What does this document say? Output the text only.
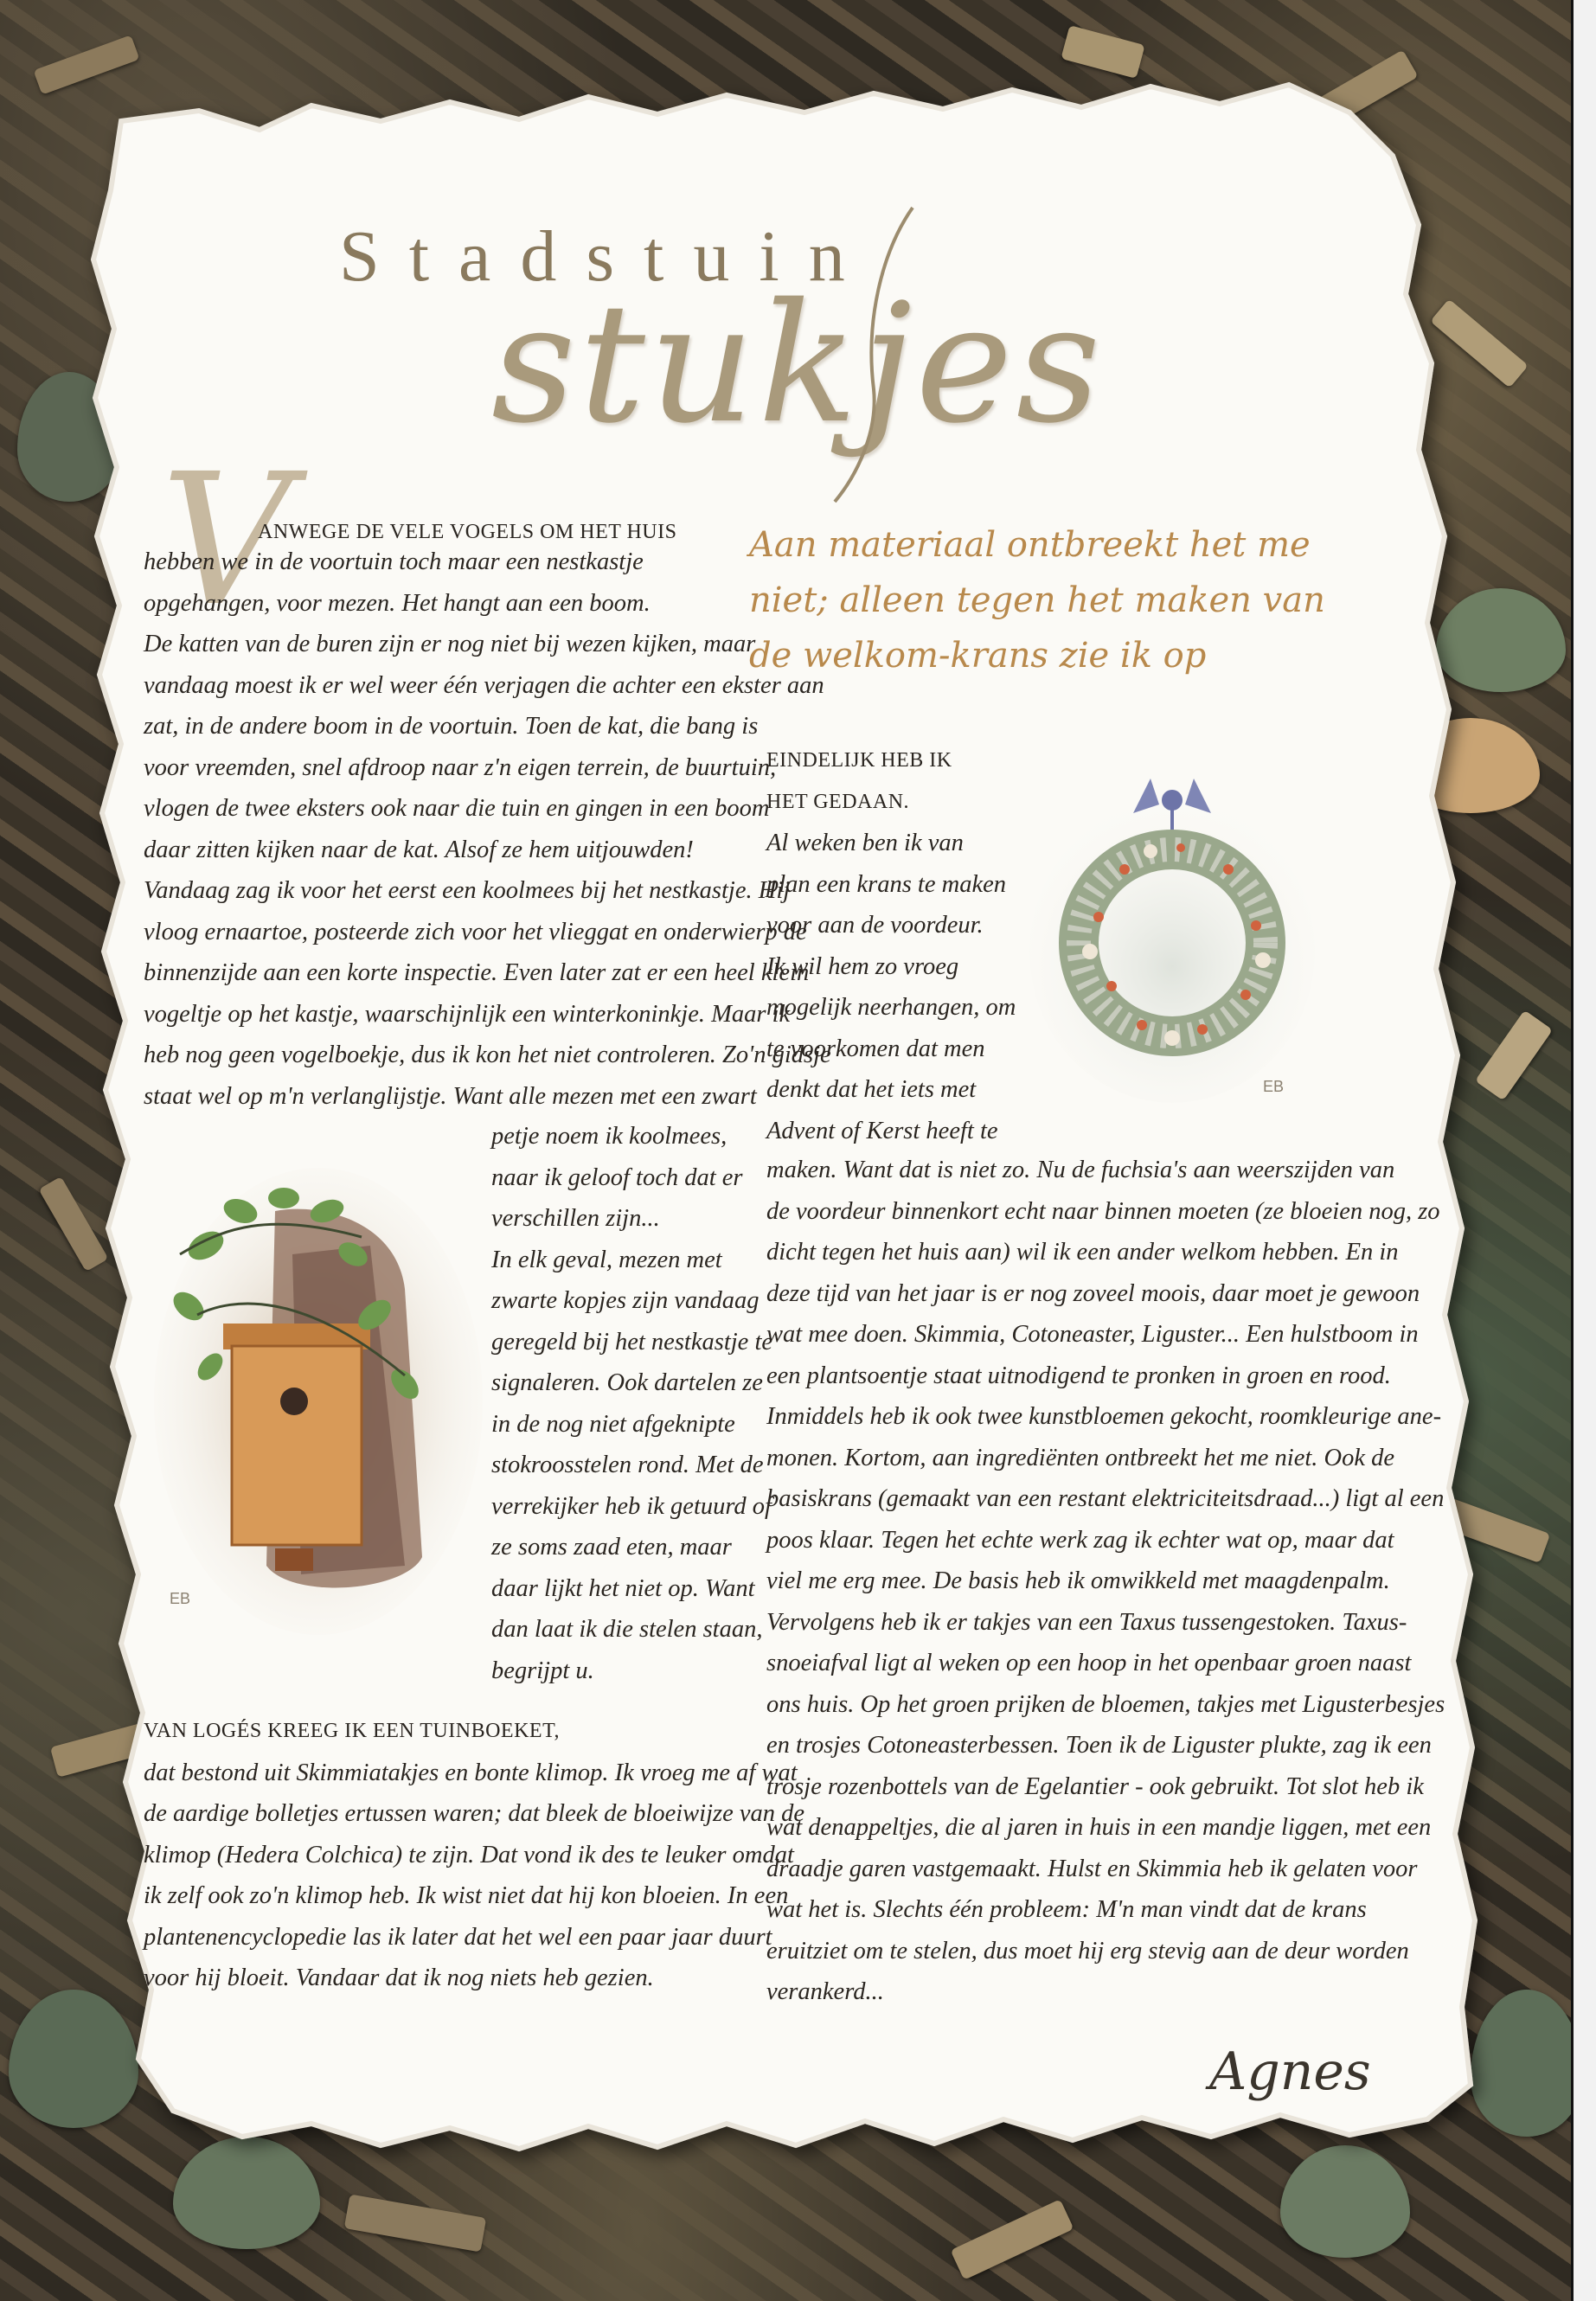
Stadstuin
stukjes
V
ANWEGE DE VELE VOGELS OM HET HUIS
hebben we in de voortuin toch maar een nestkastje
opgehangen, voor mezen. Het hangt aan een boom.
De katten van de buren zijn er nog niet bij wezen kijken, maar
vandaag moest ik er wel weer één verjagen die achter een ekster aan
zat, in de andere boom in de voortuin. Toen de kat, die bang is
voor vreemden, snel afdroop naar z'n eigen terrein, de buurtuin,
vlogen de twee eksters ook naar die tuin en gingen in een boom
daar zitten kijken naar de kat. Alsof ze hem uitjouwden!
Vandaag zag ik voor het eerst een koolmees bij het nestkastje. Hij
vloog ernaartoe, posteerde zich voor het vlieggat en onderwierp de
binnenzijde aan een korte inspectie. Even later zat er een heel klein
vogeltje op het kastje, waarschijnlijk een winterkoninkje. Maar ik
heb nog geen vogelboekje, dus ik kon het niet controleren. Zo'n gidsje
staat wel op m'n verlanglijstje. Want alle mezen met een zwart
petje noem ik koolmees,
naar ik geloof toch dat er
verschillen zijn...
In elk geval, mezen met
zwarte kopjes zijn vandaag
geregeld bij het nestkastje te
signaleren. Ook dartelen ze
in de nog niet afgeknipte
stokroosstelen rond. Met de
verrekijker heb ik getuurd of
ze soms zaad eten, maar
daar lijkt het niet op. Want
dan laat ik die stelen staan,
begrijpt u.
EB
VAN LOGÉS KREEG IK EEN TUINBOEKET,
dat bestond uit Skimmiatakjes en bonte klimop. Ik vroeg me af wat
de aardige bolletjes ertussen waren; dat bleek de bloeiwijze van de
klimop (Hedera Colchica) te zijn. Dat vond ik des te leuker omdat
ik zelf ook zo'n klimop heb. Ik wist niet dat hij kon bloeien. In een
plantenencyclopedie las ik later dat het wel een paar jaar duurt
voor hij bloeit. Vandaar dat ik nog niets heb gezien.
Aan materiaal ontbreekt het me
niet; alleen tegen het maken van
de welkom-krans zie ik op
EINDELIJK HEB IK
HET GEDAAN.
Al weken ben ik van
plan een krans te maken
voor aan de voordeur.
Ik wil hem zo vroeg
mogelijk neerhangen, om
te voorkomen dat men
denkt dat het iets met
Advent of Kerst heeft te
maken. Want dat is niet zo. Nu de fuchsia's aan weerszijden van
de voordeur binnenkort echt naar binnen moeten (ze bloeien nog, zo
dicht tegen het huis aan) wil ik een ander welkom hebben. En in
deze tijd van het jaar is er nog zoveel moois, daar moet je gewoon
wat mee doen. Skimmia, Cotoneaster, Liguster... Een hulstboom in
een plantsoentje staat uitnodigend te pronken in groen en rood.
Inmiddels heb ik ook twee kunstbloemen gekocht, roomkleurige ane-
monen. Kortom, aan ingrediënten ontbreekt het me niet. Ook de
basiskrans (gemaakt van een restant elektriciteitsdraad...) ligt al een
poos klaar. Tegen het echte werk zag ik echter wat op, maar dat
viel me erg mee. De basis heb ik omwikkeld met maagdenpalm.
Vervolgens heb ik er takjes van een Taxus tussengestoken. Taxus-
snoeiafval ligt al weken op een hoop in het openbaar groen naast
ons huis. Op het groen prijken de bloemen, takjes met Ligusterbesjes
en trosjes Cotoneasterbessen. Toen ik de Liguster plukte, zag ik een
trosje rozenbottels van de Egelantier - ook gebruikt. Tot slot heb ik
wat denappeltjes, die al jaren in huis in een mandje liggen, met een
draadje garen vastgemaakt. Hulst en Skimmia heb ik gelaten voor
wat het is. Slechts één probleem: M'n man vindt dat de krans
eruitziet om te stelen, dus moet hij erg stevig aan de deur worden
verankerd...
EB
Agnes
